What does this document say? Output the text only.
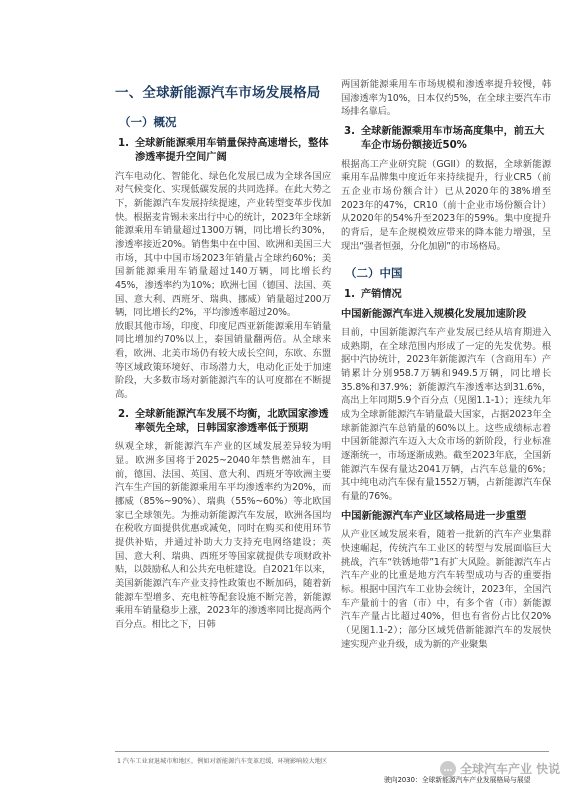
一、全球新能源汽车市场发展格局
（一）概况
1. 全球新能源乘用车销量保持高速增长，整体渗透率提升空间广阔

汽车电动化、智能化、绿色化发展已成为全球各国应对气候变化、实现低碳发展的共同选择。在此大势之下，新能源汽车发展持续提速，产业转型变革步伐加快。根据麦肯锡未来出行中心的统计，2023年全球新能源乘用车销量超过1300万辆，同比增长约30%，渗透率接近20%。销售集中在中国、欧洲和美国三大市场，其中中国市场2023年销量占全球约60%；美国新能源乘用车销量超过140万辆，同比增长约45%，渗透率约为10%；欧洲七国（德国、法国、英国、意大利、西班牙、瑞典、挪威）销量超过200万辆，同比增长约2%，平均渗透率超过20%。

放眼其他市场，印度、印度尼西亚新能源乘用车销量同比增加约70%以上，泰国销量翻两倍。从全球来看，欧洲、北美市场仍有较大成长空间，东欧、东盟等区域政策环境好、市场潜力大，电动化正处于加速阶段，大多数市场对新能源汽车的认可度都在不断提高。

2. 全球新能源汽车发展不均衡，北欧国家渗透率领先全球，日韩国家渗透率低于预期

纵观全球，新能源汽车产业的区域发展差异较为明显。欧洲多国将于2025~2040年禁售燃油车，目前，德国、法国、英国、意大利、西班牙等欧洲主要汽车生产国的新能源乘用车平均渗透率约为20%，而挪威（85%~90%）、瑞典（55%~60%）等北欧国家已全球领先。为推动新能源汽车发展，欧洲各国均在税收方面提供优惠或减免，同时在购买和使用环节提供补贴，并通过补助大力支持充电网络建设；英国、意大利、瑞典、西班牙等国家就提供专项财政补贴，以鼓励私人和公共充电桩建设。自2021年以来，美国新能源汽车产业支持性政策也不断加码，随着新能源车型增多、充电桩等配套设施不断完善，新能源乘用车销量稳步上涨，2023年的渗透率同比提高两个百分点。相比之下，日韩

两国新能源乘用车市场规模和渗透率提升较慢，韩国渗透率为10%，日本仅约5%，在全球主要汽车市场排名靠后。

3. 全球新能源乘用车市场高度集中，前五大车企市场份额接近50%

根据高工产业研究院（GGII）的数据，全球新能源乘用车品牌集中度近年来持续提升，行业CR5（前五企业市场份额合计）已从2020年的38%增至2023年的47%，CR10（前十企业市场份额合计）从2020年的54%升至2023年的59%。集中度提升的背后，是车企规模效应带来的降本能力增强，呈现出“强者恒强，分化加剧”的市场格局。

（二）中国
1. 产销情况
中国新能源汽车进入规模化发展加速阶段

目前，中国新能源汽车产业发展已经从培育期进入成熟期，在全球范围内形成了一定的先发优势。根据中汽协统计，2023年新能源汽车（含商用车）产销累计分别958.7万辆和949.5万辆，同比增长35.8%和37.9%；新能源汽车渗透率达到31.6%，高出上年同期5.9个百分点（见图1.1-1）；连续九年成为全球新能源汽车销量最大国家，占据2023年全球新能源汽车总销量的60%以上。这些成绩标志着中国新能源汽车迈入大众市场的新阶段，行业标准逐渐统一，市场逐渐成熟。截至2023年底，全国新能源汽车保有量达2041万辆，占汽车总量的6%；其中纯电动汽车保有量1552万辆，占新能源汽车保有量的76%。

中国新能源汽车产业区域格局进一步重塑

从产业区域发展来看，随着一批新的汽车产业集群快速崛起，传统汽车工业区的转型与发展面临巨大挑战，汽车“铁锈地带”1有扩大风险。新能源汽车占汽车产业的比重是地方汽车转型成功与否的重要指标。根据中国汽车工业协会统计，2023年，全国汽车产量前十的省（市）中，有多个省（市）新能源汽车产量占比超过40%，但也有省份占比仅20%（见图1.1-2）；部分区域凭借新能源汽车的发展快速实现产业升级，成为新的产业聚集

1 汽车工业衰退城市和地区，例如对新能源汽车变革迟缓，环境影响较大地区
驶向2030：全球新能源汽车产业发展格局与展望
… 全球汽车产业 快说
